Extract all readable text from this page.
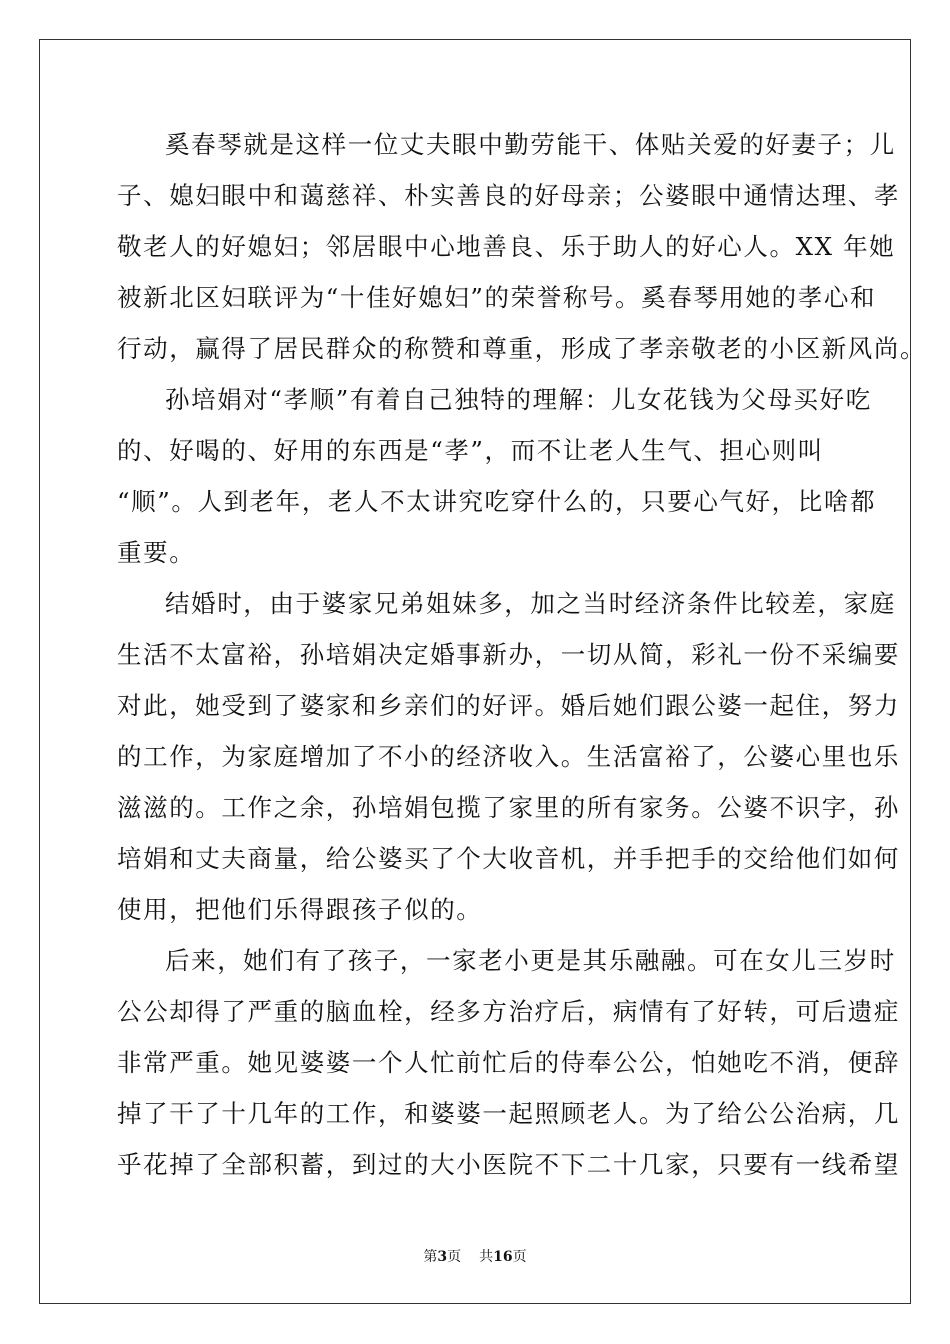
奚春琴就是这样一位丈夫眼中勤劳能干、体贴关爱的好妻子；儿
子、媳妇眼中和蔼慈祥、朴实善良的好母亲；公婆眼中通情达理、孝
敬老人的好媳妇；邻居眼中心地善良、乐于助人的好心人。XX 年她
被新北区妇联评为“十佳好媳妇”的荣誉称号。奚春琴用她的孝心和
行动，赢得了居民群众的称赞和尊重，形成了孝亲敬老的小区新风尚。
孙培娟对“孝顺”有着自己独特的理解：儿女花钱为父母买好吃
的、好喝的、好用的东西是“孝”，而不让老人生气、担心则叫
“顺”。人到老年，老人不太讲究吃穿什么的，只要心气好，比啥都
重要。
结婚时，由于婆家兄弟姐妹多，加之当时经济条件比较差，家庭
生活不太富裕，孙培娟决定婚事新办，一切从简，彩礼一份不采编要
对此，她受到了婆家和乡亲们的好评。婚后她们跟公婆一起住，努力
的工作，为家庭增加了不小的经济收入。生活富裕了，公婆心里也乐
滋滋的。工作之余，孙培娟包揽了家里的所有家务。公婆不识字，孙
培娟和丈夫商量，给公婆买了个大收音机，并手把手的交给他们如何
使用，把他们乐得跟孩子似的。
后来，她们有了孩子，一家老小更是其乐融融。可在女儿三岁时
公公却得了严重的脑血栓，经多方治疗后，病情有了好转，可后遗症
非常严重。她见婆婆一个人忙前忙后的侍奉公公，怕她吃不消，便辞
掉了干了十几年的工作，和婆婆一起照顾老人。为了给公公治病，几
乎花掉了全部积蓄，到过的大小医院不下二十几家，只要有一线希望
第3页 共16页
